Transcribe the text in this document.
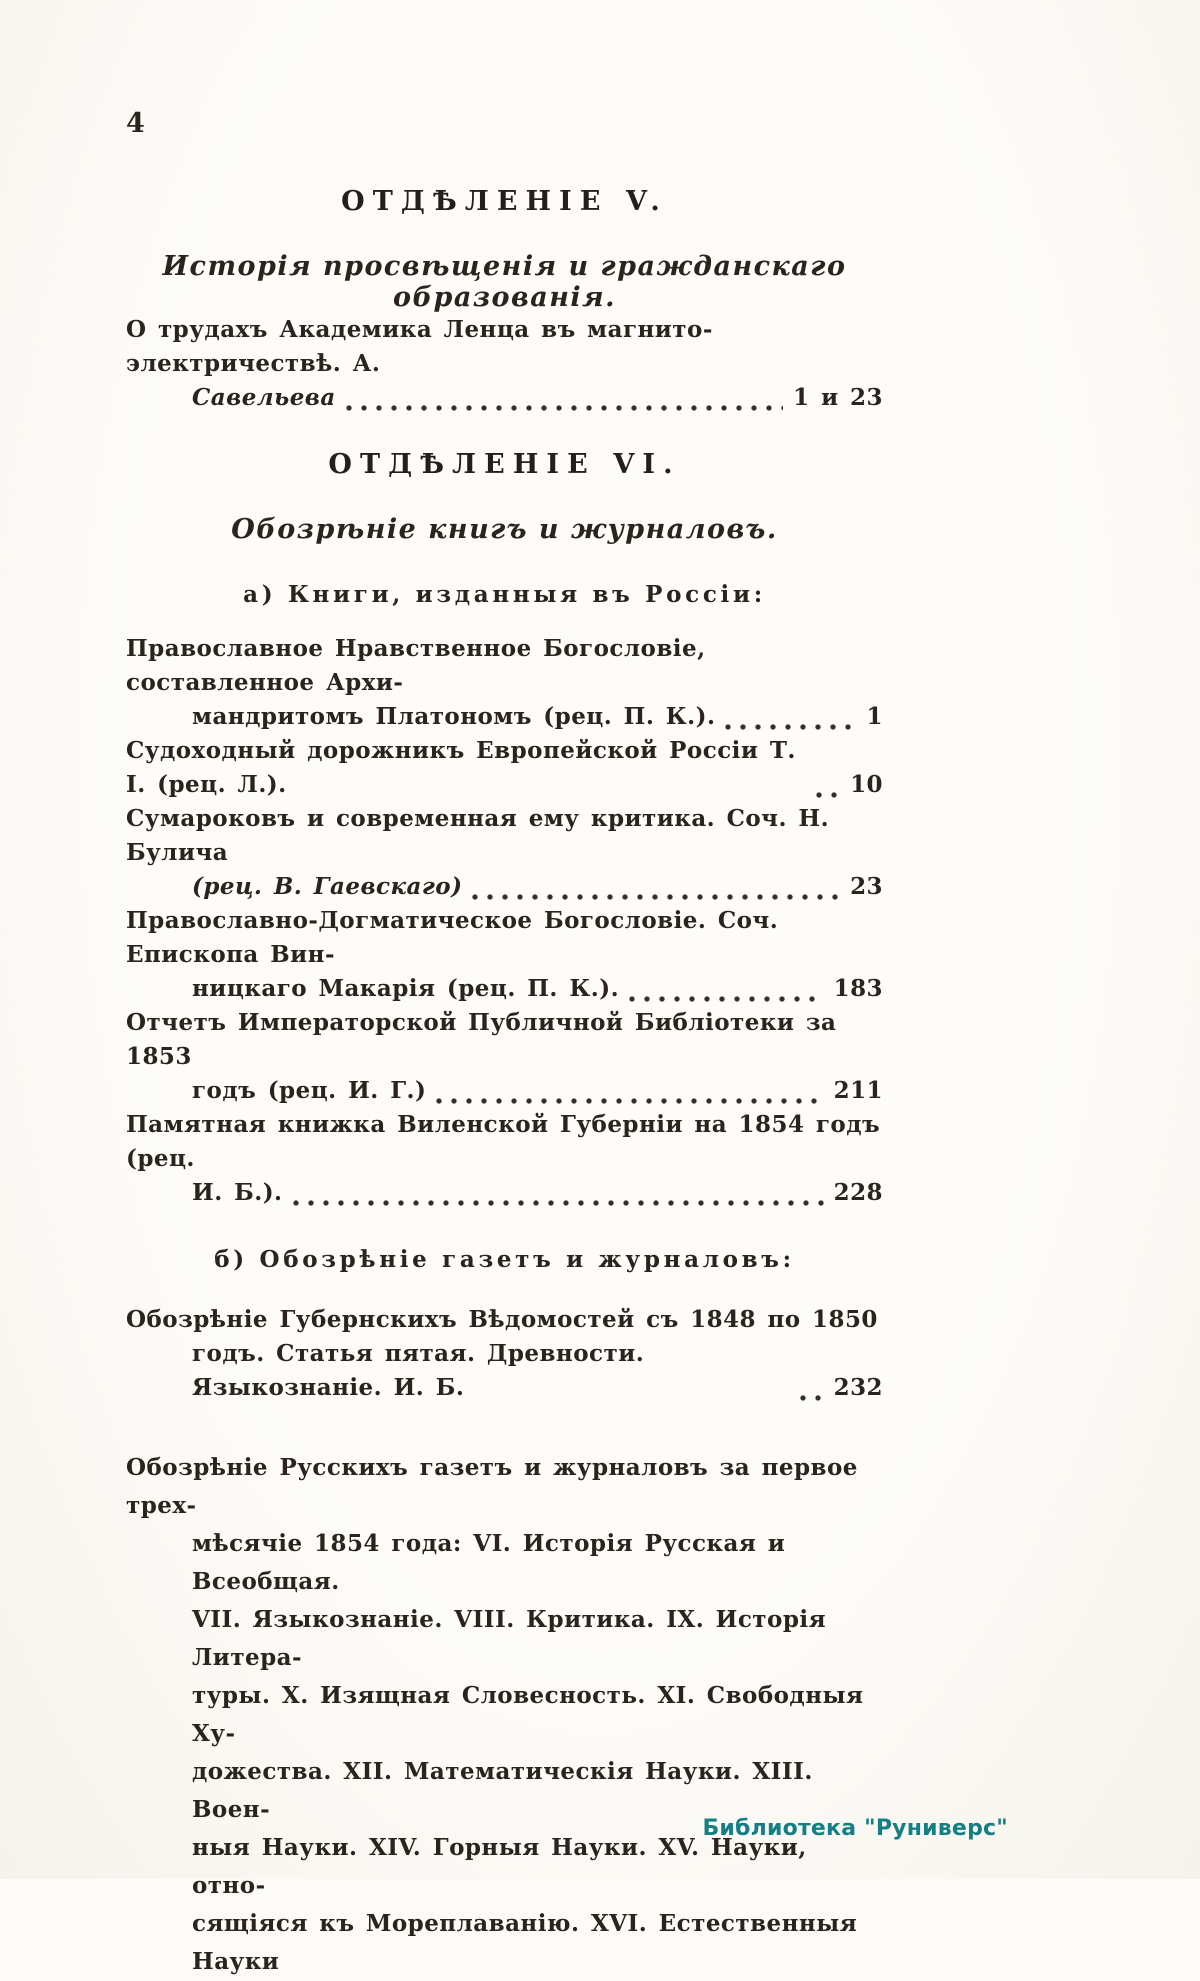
4
ОТДѢЛЕНІЕ V.
Исторія просвѣщенія и гражданскаго образованія.
О трудахъ Академика Ленца въ магнито-электричествѣ. А.
Савельева	1 и 23
ОТДѢЛЕНІЕ VI.
Обозрѣніе книгъ и журналовъ.
а) Книги, изданныя въ Россіи:
Православное Нравственное Богословіе, составленное Архи-
мандритомъ Платономъ (рец. П. К.).	1
Судоходный дорожникъ Европейской Россіи Т. I. (рец. Л.).	10
Сумароковъ и современная ему критика. Соч. Н. Булича
(рец. В. Гаевскаго)	23
Православно-Догматическое Богословіе. Соч. Епископа Вин-
ницкаго Макарія (рец. П. К.).	183
Отчетъ Императорской Публичной Библіотеки за 1853
годъ (рец. И. Г.)	211
Памятная книжка Виленской Губерніи на 1854 годъ (рец.
И. Б.).	228
б) Обозрѣніе газетъ и журналовъ:
Обозрѣніе Губернскихъ Вѣдомостей съ 1848 по 1850
годъ. Статья пятая. Древности. Языкознаніе. И. Б.	232
Обозрѣніе Русскихъ газетъ и журналовъ за первое трех-
мѣсячіе 1854 года: VI. Исторія Русская и Всеобщая.
VII. Языкознаніе. VIII. Критика. IX. Исторія Литера-
туры. X. Изящная Словесность. XI. Свободныя Ху-
дожества. XII. Математическія Науки. XIII. Воен-
ныя Науки. XIV. Горныя Науки. XV. Науки, отно-
сящіяся къ Мореплаванію. XVI. Естественныя Науки
Библиотека "Руниверс"
